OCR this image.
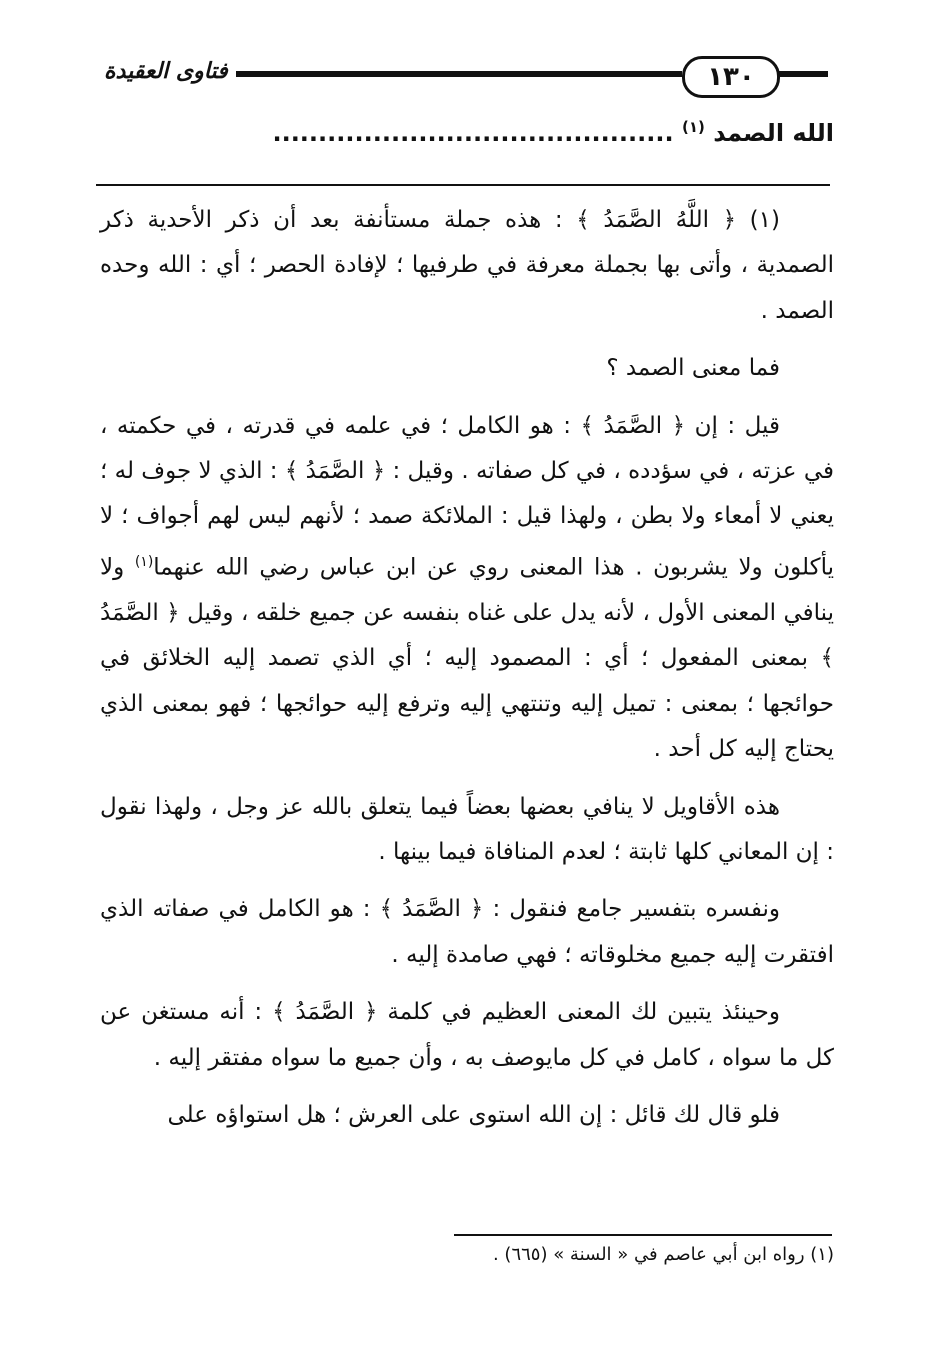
فتاوى العقيدة	١٣٠
الله الصمد $^{(١)}$ ............................................

(١) ﴿ اللَّهُ الصَّمَدُ ﴾ : هذه جملة مستأنفة بعد أن ذكر الأحدية ذكر الصمدية ، وأتى بها بجملة معرفة في طرفيها ؛ لإفادة الحصر ؛ أي : الله وحده الصمد .

فما معنى الصمد ؟

قيل : إن ﴿ الصَّمَدُ ﴾ : هو الكامل ؛ في علمه في قدرته ، في حكمته ، في عزته ، في سؤدده ، في كل صفاته . وقيل : ﴿ الصَّمَدُ ﴾ : الذي لا جوف له ؛ يعني لا أمعاء ولا بطن ، ولهذا قيل : الملائكة صمد ؛ لأنهم ليس لهم أجواف ؛ لا يأكلون ولا يشربون . هذا المعنى روي عن ابن عباس رضي الله عنهما$^{(١)}$ ولا ينافي المعنى الأول ، لأنه يدل على غناه بنفسه عن جميع خلقه ، وقيل ﴿ الصَّمَدُ ﴾ بمعنى المفعول ؛ أي : المصمود إليه ؛ أي الذي تصمد إليه الخلائق في حوائجها ؛ بمعنى : تميل إليه وتنتهي إليه وترفع إليه حوائجها ؛ فهو بمعنى الذي يحتاج إليه كل أحد .

هذه الأقاويل لا ينافي بعضها بعضاً فيما يتعلق بالله عز وجل ، ولهذا نقول : إن المعاني كلها ثابتة ؛ لعدم المنافاة فيما بينها .

ونفسره بتفسير جامع فنقول : ﴿ الصَّمَدُ ﴾ : هو الكامل في صفاته الذي افتقرت إليه جميع مخلوقاته ؛ فهي صامدة إليه .

وحينئذ يتبين لك المعنى العظيم في كلمة ﴿ الصَّمَدُ ﴾ : أنه مستغن عن كل ما سواه ، كامل في كل مايوصف به ، وأن جميع ما سواه مفتقر إليه .

فلو قال لك قائل : إن الله استوى على العرش ؛ هل استواؤه على

(١) رواه ابن أبي عاصم في « السنة » (٦٦٥) .
